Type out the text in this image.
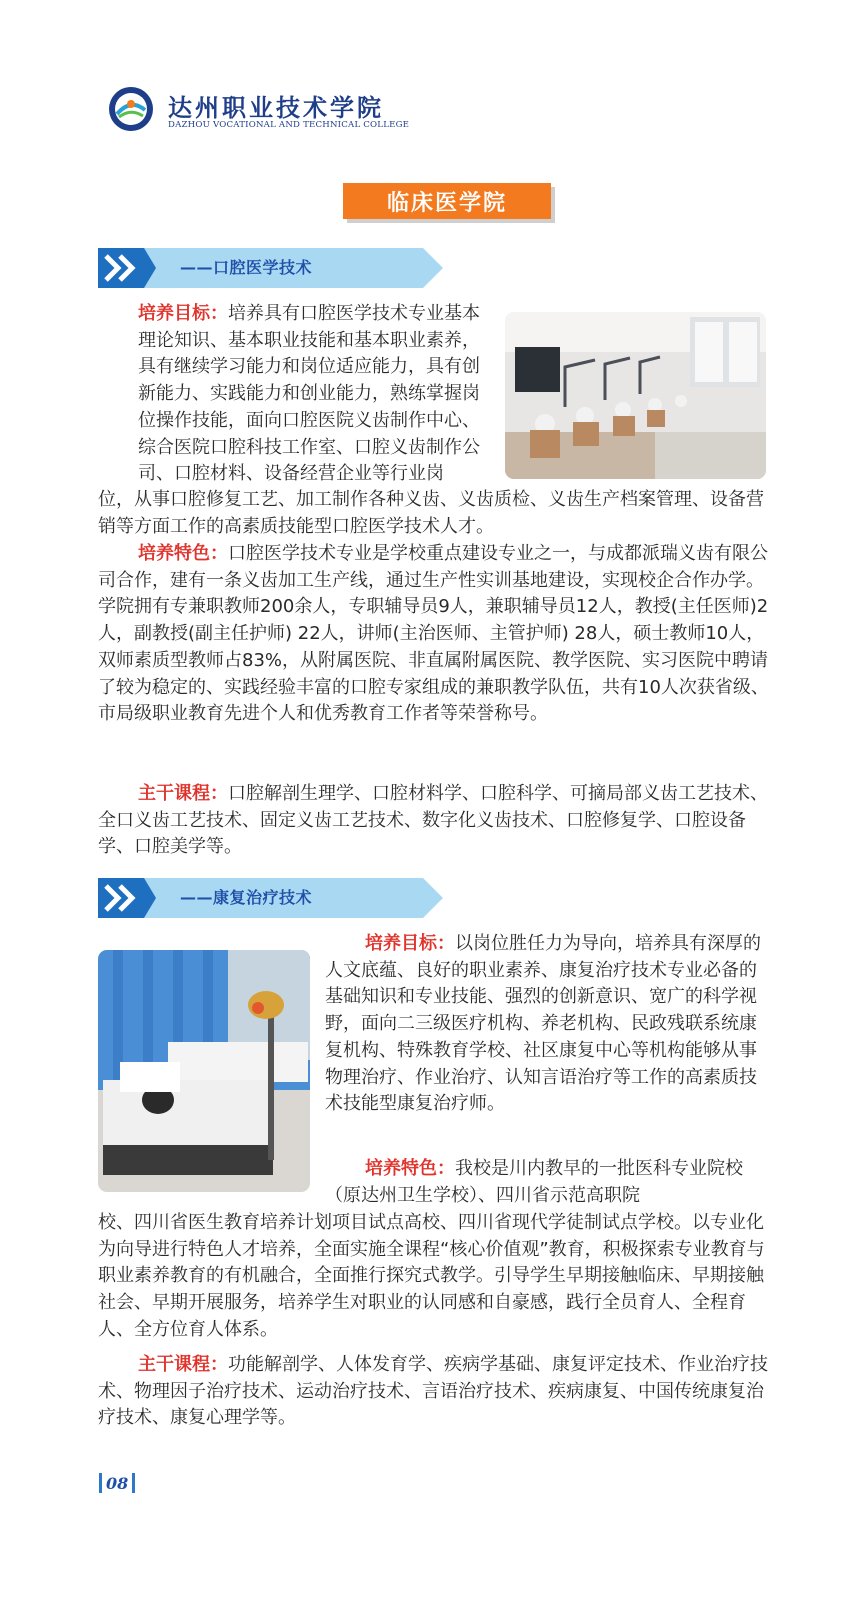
达州职业技术学院
DAZHOU VOCATIONAL AND TECHNICAL COLLEGE
临床医学院
——口腔医学技术

培养目标：培养具有口腔医学技术专业基本理论知识、基本职业技能和基本职业素养，具有继续学习能力和岗位适应能力，具有创新能力、实践能力和创业能力，熟练掌握岗位操作技能，面向口腔医院义齿制作中心、综合医院口腔科技工作室、口腔义齿制作公司、口腔材料、设备经营企业等行业岗

位，从事口腔修复工艺、加工制作各种义齿、义齿质检、义齿生产档案管理、设备营销等方面工作的高素质技能型口腔医学技术人才。

培养特色：口腔医学技术专业是学校重点建设专业之一，与成都派瑞义齿有限公司合作，建有一条义齿加工生产线，通过生产性实训基地建设，实现校企合作办学。学院拥有专兼职教师200余人，专职辅导员9人，兼职辅导员12人，教授(主任医师)2人，副教授(副主任护师) 22人，讲师(主治医师、主管护师) 28人，硕士教师10人，双师素质型教师占83%，从附属医院、非直属附属医院、教学医院、实习医院中聘请了较为稳定的、实践经验丰富的口腔专家组成的兼职教学队伍，共有10人次获省级、市局级职业教育先进个人和优秀教育工作者等荣誉称号。

主干课程：口腔解剖生理学、口腔材料学、口腔科学、可摘局部义齿工艺技术、全口义齿工艺技术、固定义齿工艺技术、数字化义齿技术、口腔修复学、口腔设备学、口腔美学等。

——康复治疗技术

培养目标：以岗位胜任力为导向，培养具有深厚的人文底蕴、良好的职业素养、康复治疗技术专业必备的基础知识和专业技能、强烈的创新意识、宽广的科学视野，面向二三级医疗机构、养老机构、民政残联系统康复机构、特殊教育学校、社区康复中心等机构能够从事物理治疗、作业治疗、认知言语治疗等工作的高素质技术技能型康复治疗师。

培养特色：我校是川内教早的一批医科专业院校（原达州卫生学校）、四川省示范高职院

校、四川省医生教育培养计划项目试点高校、四川省现代学徒制试点学校。以专业化为向导进行特色人才培养，全面实施全课程“核心价值观”教育，积极探索专业教育与职业素养教育的有机融合，全面推行探究式教学。引导学生早期接触临床、早期接触社会、早期开展服务，培养学生对职业的认同感和自豪感，践行全员育人、全程育人、全方位育人体系。

主干课程：功能解剖学、人体发育学、疾病学基础、康复评定技术、作业治疗技术、物理因子治疗技术、运动治疗技术、言语治疗技术、疾病康复、中国传统康复治疗技术、康复心理学等。

08
